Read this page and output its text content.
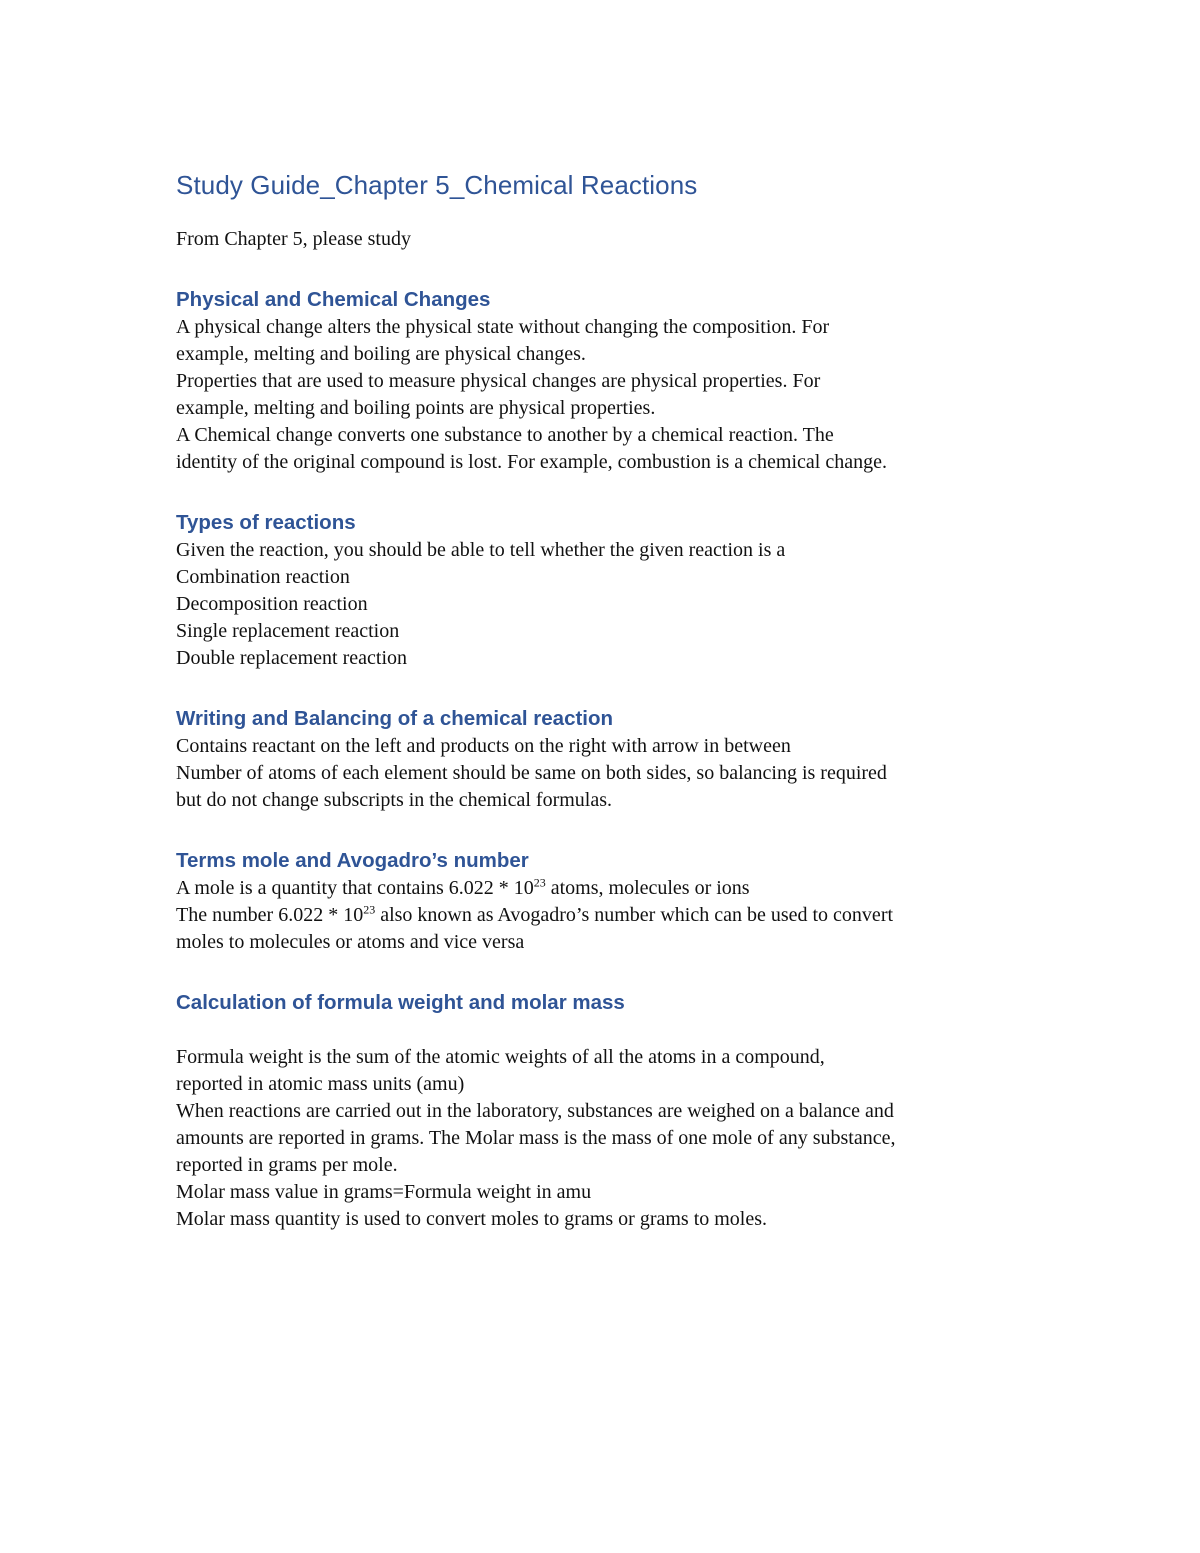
Study Guide_Chapter 5_Chemical Reactions

From Chapter 5, please study

Physical and Chemical Changes

A physical change alters the physical state without changing the composition. For

example, melting and boiling are physical changes.

Properties that are used to measure physical changes are physical properties. For

example, melting and boiling points are physical properties.

A Chemical change converts one substance to another by a chemical reaction. The

identity of the original compound is lost. For example, combustion is a chemical change.

Types of reactions

Given the reaction, you should be able to tell whether the given reaction is a

Combination reaction

Decomposition reaction

Single replacement reaction

Double replacement reaction

Writing and Balancing of a chemical reaction

Contains reactant on the left and products on the right with arrow in between

Number of atoms of each element should be same on both sides, so balancing is required

but do not change subscripts in the chemical formulas.

Terms mole and Avogadro’s number

A mole is a quantity that contains $6.022 * 10^{23}$ atoms, molecules or ions

The number $6.022 * 10^{23}$ also known as Avogadro’s number which can be used to convert

moles to molecules or atoms and vice versa

Calculation of formula weight and molar mass

Formula weight is the sum of the atomic weights of all the atoms in a compound,

reported in atomic mass units (amu)

When reactions are carried out in the laboratory, substances are weighed on a balance and

amounts are reported in grams. The Molar mass is the mass of one mole of any substance,

reported in grams per mole.

Molar mass value in grams=Formula weight in amu

Molar mass quantity is used to convert moles to grams or grams to moles.
